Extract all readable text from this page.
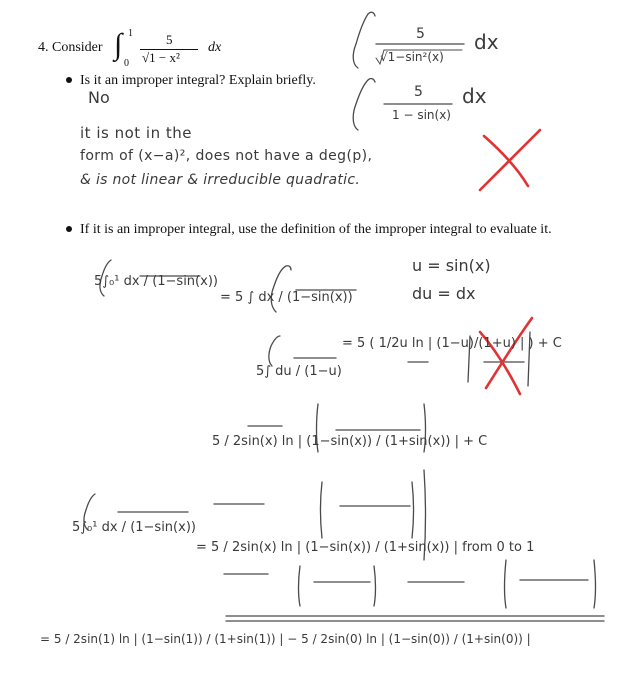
4. Consider ∫ 1
0
5
√1 − x²
dx
Is it an improper integral? Explain briefly.
If it is an improper integral, use the definition of the improper integral to evaluate it.
5
√1−sin²(x)
dx
5
1 − sin(x)
dx
No
it is not in the
form of (x−a)², does not have a deg(p),
& is not linear & irreducible quadratic.
5∫₀¹ dx / (1−sin(x))
= 5 ∫ dx / (1−sin(x))
u = sin(x)
du = dx
5∫ du / (1−u)
= 5 ( 1/2u ln | (1−u)/(1+u) | ) + C
5 / 2sin(x) ln | (1−sin(x)) / (1+sin(x)) | + C
5∫₀¹ dx / (1−sin(x))
= 5 / 2sin(x) ln | (1−sin(x)) / (1+sin(x)) | from 0 to 1
= 5 / 2sin(1) ln | (1−sin(1)) / (1+sin(1)) | − 5 / 2sin(0) ln | (1−sin(0)) / (1+sin(0)) |
